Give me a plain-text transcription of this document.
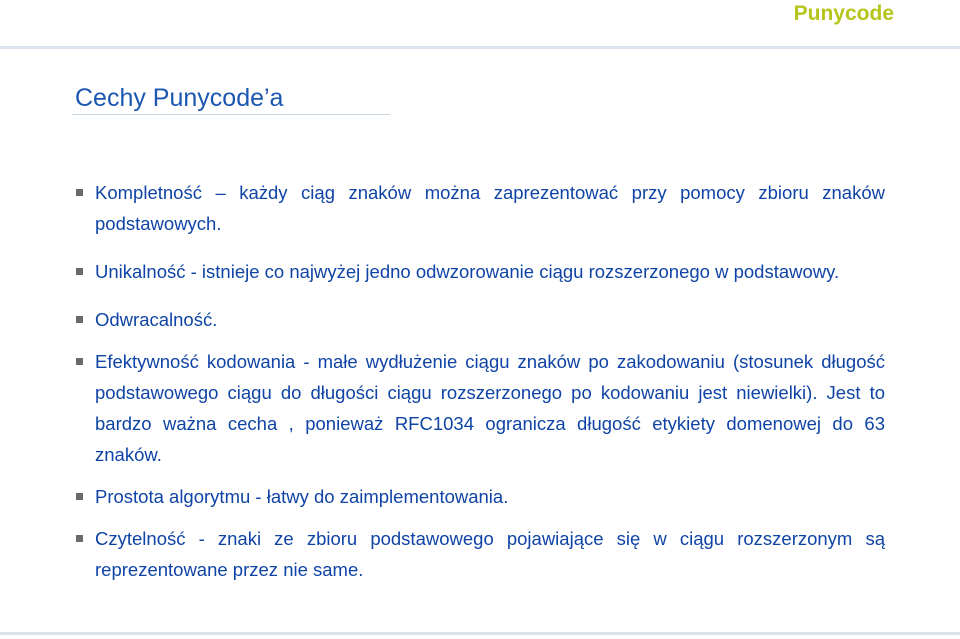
Punycode
Cechy Punycode’a
Kompletność – każdy ciąg znaków można zaprezentować przy pomocy zbioru znaków podstawowych.
Unikalność - istnieje co najwyżej jedno odwzorowanie ciągu rozszerzonego w podstawowy.
Odwracalność.
Efektywność kodowania - małe wydłużenie ciągu znaków po zakodowaniu (stosunek długość podstawowego ciągu do długości ciągu rozszerzonego po kodowaniu jest niewielki). Jest to bardzo ważna cecha , ponieważ RFC1034 ogranicza długość etykiety domenowej do 63 znaków.
Prostota algorytmu - łatwy do zaimplementowania.
Czytelność - znaki ze zbioru podstawowego pojawiające się w ciągu rozszerzonym są reprezentowane przez nie same.
